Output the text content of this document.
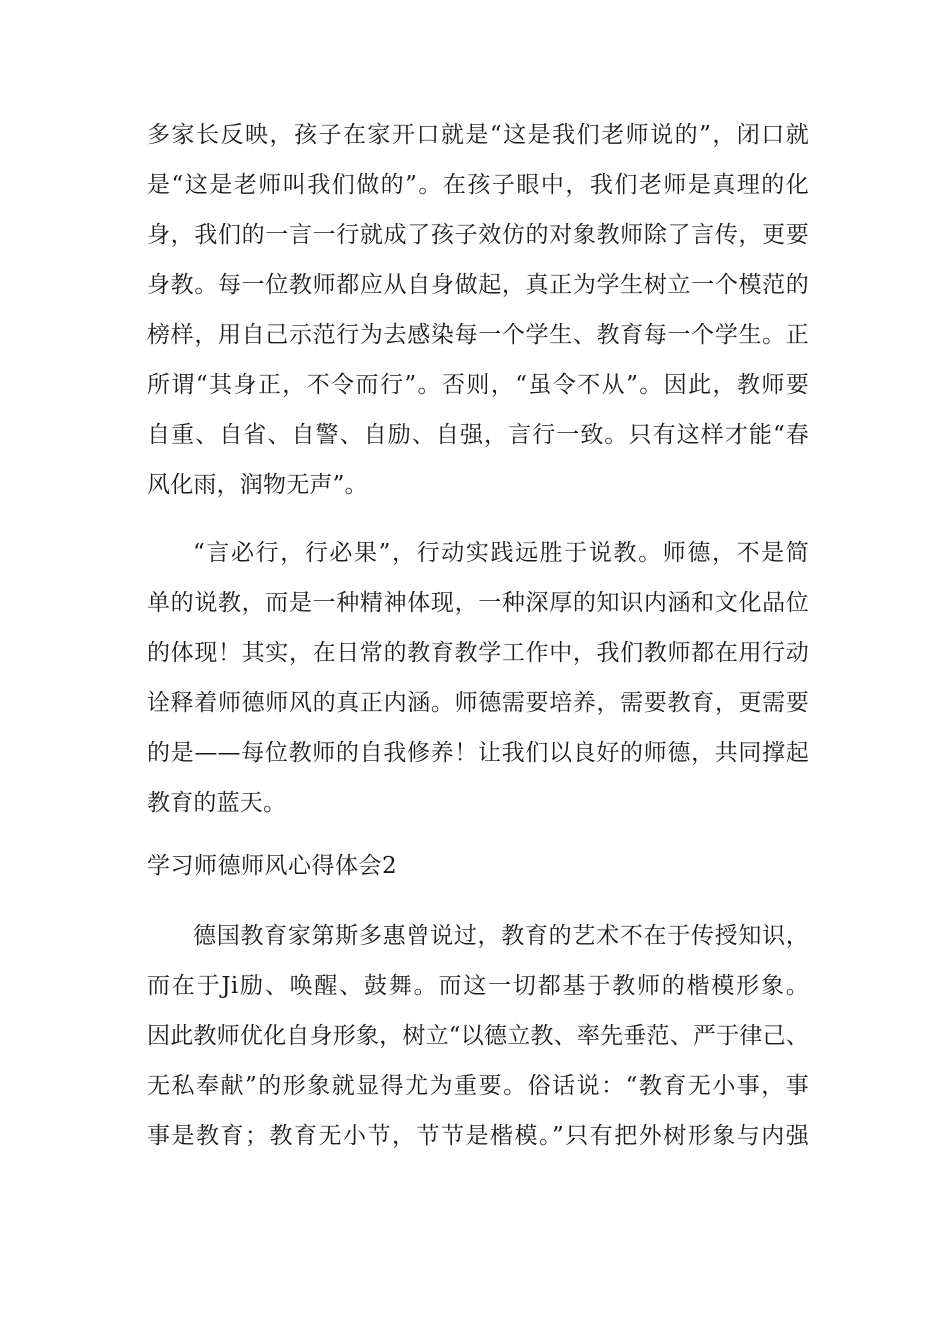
多家长反映，孩子在家开口就是“这是我们老师说的”，闭口就
是“这是老师叫我们做的”。在孩子眼中，我们老师是真理的化
身，我们的一言一行就成了孩子效仿的对象教师除了言传，更要
身教。每一位教师都应从自身做起，真正为学生树立一个模范的
榜样，用自己示范行为去感染每一个学生、教育每一个学生。正
所谓“其身正，不令而行”。否则，“虽令不从”。因此，教师要
自重、自省、自警、自励、自强，言行一致。只有这样才能“春
风化雨，润物无声”。
“言必行，行必果”，行动实践远胜于说教。师德，不是简
单的说教，而是一种精神体现，一种深厚的知识内涵和文化品位
的体现！其实，在日常的教育教学工作中，我们教师都在用行动
诠释着师德师风的真正内涵。师德需要培养，需要教育，更需要
的是——每位教师的自我修养！让我们以良好的师德，共同撑起
教育的蓝天。
学习师德师风心得体会2
德国教育家第斯多惠曾说过，教育的艺术不在于传授知识，
而在于Ji励、唤醒、鼓舞。而这一切都基于教师的楷模形象。
因此教师优化自身形象，树立“以德立教、率先垂范、严于律己、
无私奉献”的形象就显得尤为重要。俗话说：“教育无小事，事
事是教育；教育无小节，节节是楷模。”只有把外树形象与内强
